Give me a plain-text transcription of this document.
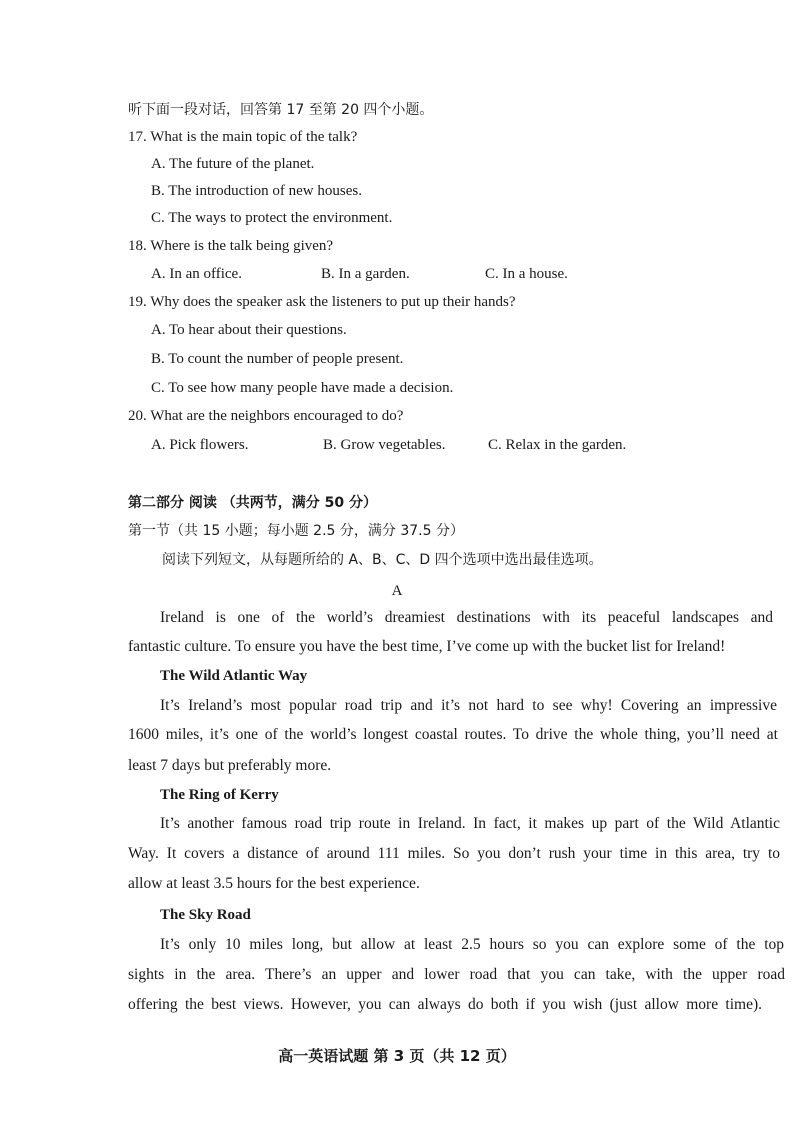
听下面一段对话，回答第 17 至第 20 四个小题。
17. What is the main topic of the talk?
A. The future of the planet.
B. The introduction of new houses.
C. The ways to protect the environment.
18. Where is the talk being given?
A. In an office.	B. In a garden.	C. In a house.
19. Why does the speaker ask the listeners to put up their hands?
A. To hear about their questions.
B. To count the number of people present.
C. To see how many people have made a decision.
20. What are the neighbors encouraged to do?
A. Pick flowers.	B. Grow vegetables.	C. Relax in the garden.
第二部分 阅读 （共两节，满分 50 分）
第一节（共 15 小题；每小题 2.5 分，满分 37.5 分）
阅读下列短文，从每题所给的 A、B、C、D 四个选项中选出最佳选项。
A
Ireland is one of the world’s dreamiest destinations with its peaceful landscapes and
fantastic culture. To ensure you have the best time, I’ve come up with the bucket list for Ireland!
The Wild Atlantic Way
It’s Ireland’s most popular road trip and it’s not hard to see why! Covering an impressive
1600 miles, it’s one of the world’s longest coastal routes. To drive the whole thing, you’ll need at
least 7 days but preferably more.
The Ring of Kerry
It’s another famous road trip route in Ireland. In fact, it makes up part of the Wild Atlantic
Way. It covers a distance of around 111 miles. So you don’t rush your time in this area, try to
allow at least 3.5 hours for the best experience.
The Sky Road
It’s only 10 miles long, but allow at least 2.5 hours so you can explore some of the top
sights in the area. There’s an upper and lower road that you can take, with the upper road
offering the best views. However, you can always do both if you wish (just allow more time).
高一英语试题 第 3 页（共 12 页）
